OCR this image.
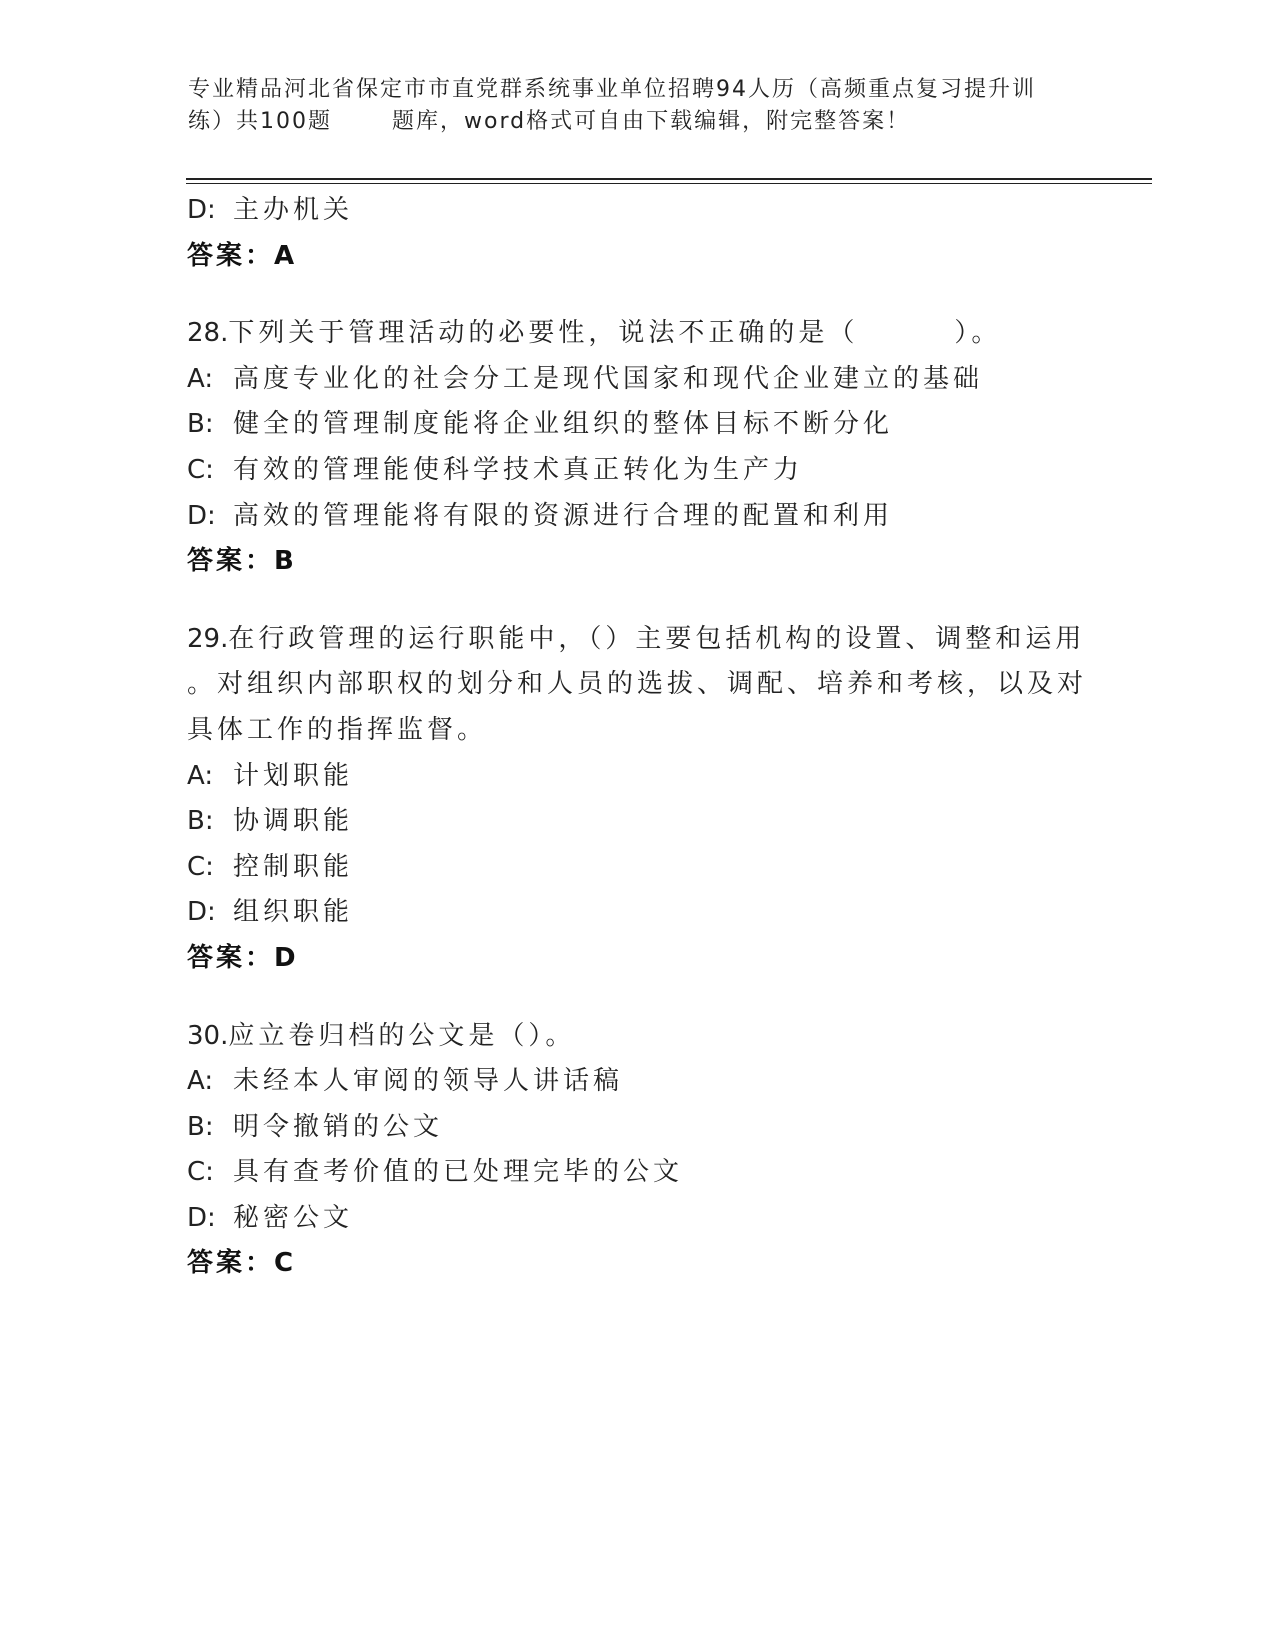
专业精品河北省保定市市直党群系统事业单位招聘94人历（高频重点复习提升训
练）共100题	题库，word格式可自由下载编辑，附完整答案！
D: 主办机关
答案：A
28.下列关于管理活动的必要性，说法不正确的是（	）。
A: 高度专业化的社会分工是现代国家和现代企业建立的基础
B: 健全的管理制度能将企业组织的整体目标不断分化
C: 有效的管理能使科学技术真正转化为生产力
D: 高效的管理能将有限的资源进行合理的配置和利用
答案：B
29.在行政管理的运行职能中，（）主要包括机构的设置、调整和运用
。对组织内部职权的划分和人员的选拔、调配、培养和考核，以及对
具体工作的指挥监督。
A: 计划职能
B: 协调职能
C: 控制职能
D: 组织职能
答案：D
30.应立卷归档的公文是（）。
A: 未经本人审阅的领导人讲话稿
B: 明令撤销的公文
C: 具有查考价值的已处理完毕的公文
D: 秘密公文
答案：C
